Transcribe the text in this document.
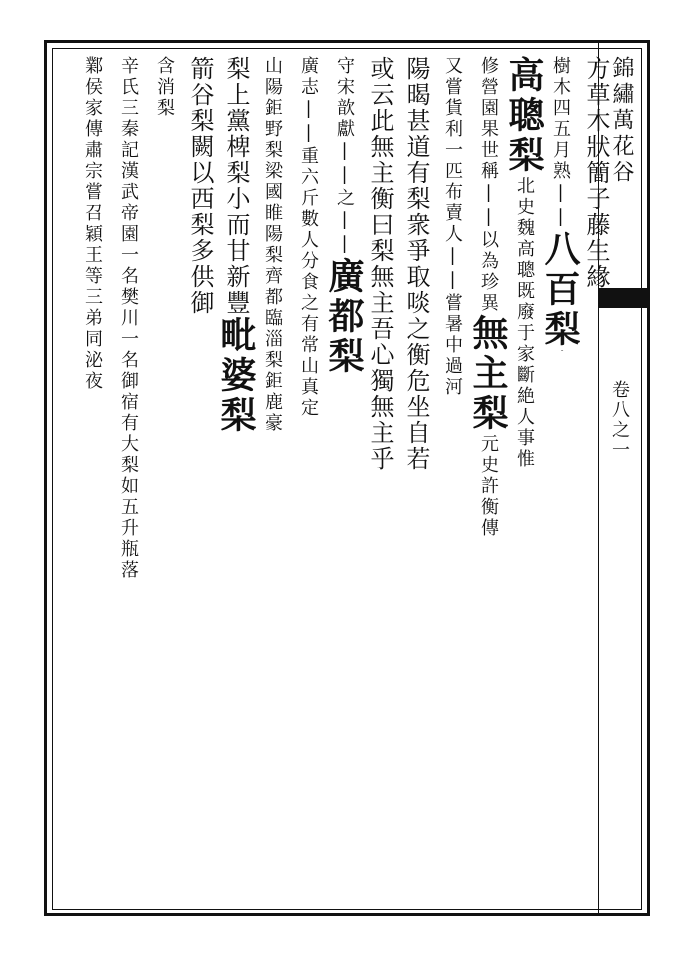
錦繡萬花谷
卷八之一
方草木狀簡子藤生緣
樹木四五月熟||
八百梨
高聰梨
北史魏高聰既廢于家斷絶人事惟
修營園果世稱||以為珍異
無主梨
元史許衡傳
又嘗貨利一匹布賣人||
嘗暑中過河
陽暍甚道有梨衆爭取啖之衡危坐自若
或云此無主衡曰梨無主吾心獨無主乎
守宋歆獻||之||
廣都梨
廣志||重六斤數人分食之有常山真定
山陽鉅野梨梁國睢陽梨齊都臨淄梨鉅鹿豪
梨上黨椑梨小而甘新豐
毗婆梨
箭谷梨闕以西梨多供御
含消梨
辛氏三秦記漢武帝園一名樊川一名御宿有大梨如五升瓶落
鄴侯家傳肅宗嘗召穎王等三弟同泌夜
